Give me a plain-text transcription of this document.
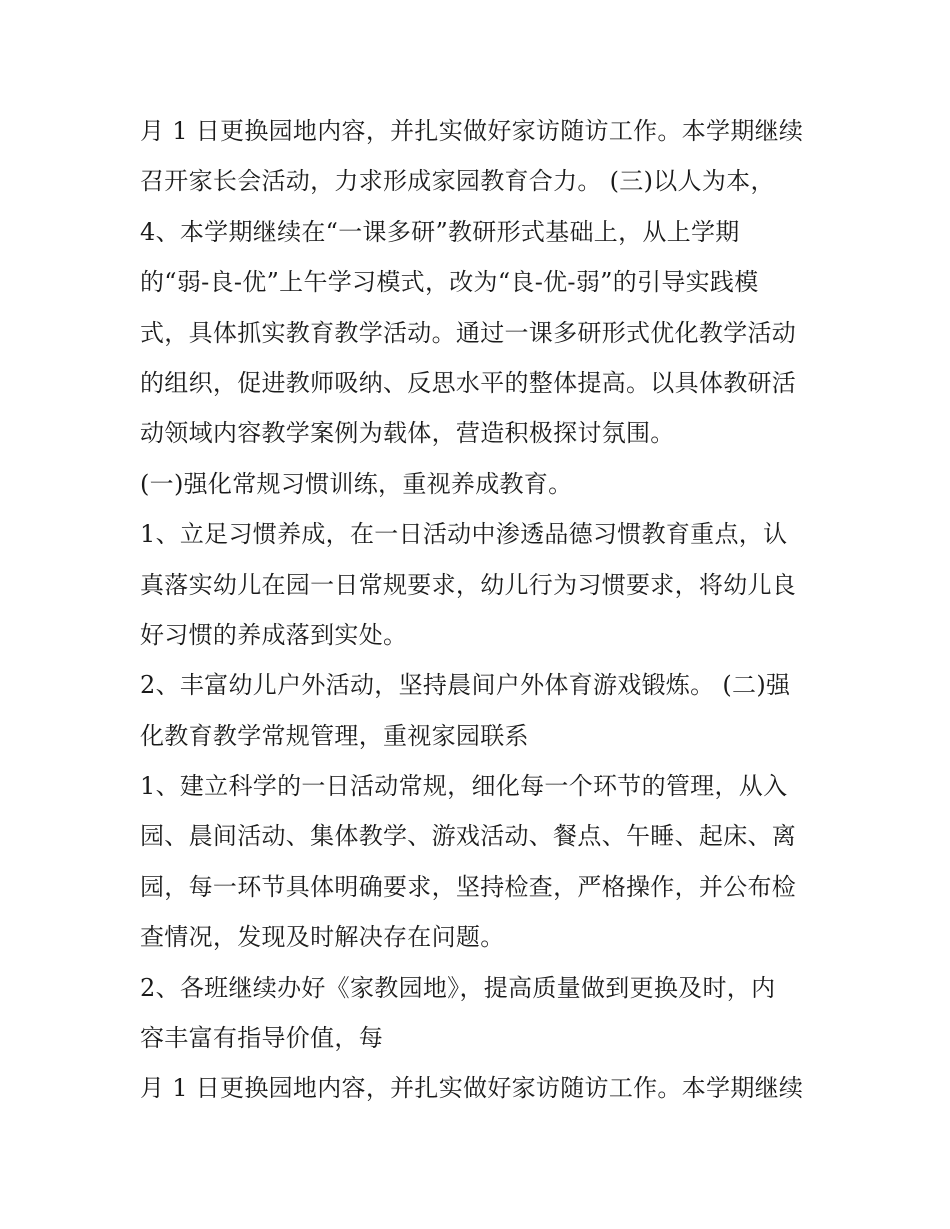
月 1 日更换园地内容，并扎实做好家访随访工作。本学期继续
召开家长会活动，力求形成家园教育合力。 (三)以人为本，
4、本学期继续在“一课多研”教研形式基础上，从上学期
的“弱-良-优”上午学习模式，改为“良-优-弱”的引导实践模
式，具体抓实教育教学活动。通过一课多研形式优化教学活动
的组织，促进教师吸纳、反思水平的整体提高。以具体教研活
动领域内容教学案例为载体，营造积极探讨氛围。
(一)强化常规习惯训练，重视养成教育。
1、立足习惯养成，在一日活动中渗透品德习惯教育重点，认
真落实幼儿在园一日常规要求，幼儿行为习惯要求，将幼儿良
好习惯的养成落到实处。
2、丰富幼儿户外活动，坚持晨间户外体育游戏锻炼。 (二)强
化教育教学常规管理，重视家园联系
1、建立科学的一日活动常规，细化每一个环节的管理，从入
园、晨间活动、集体教学、游戏活动、餐点、午睡、起床、离
园，每一环节具体明确要求，坚持检查，严格操作，并公布检
查情况，发现及时解决存在问题。
2、各班继续办好《家教园地》，提高质量做到更换及时，内
容丰富有指导价值，每
月 1 日更换园地内容，并扎实做好家访随访工作。本学期继续
